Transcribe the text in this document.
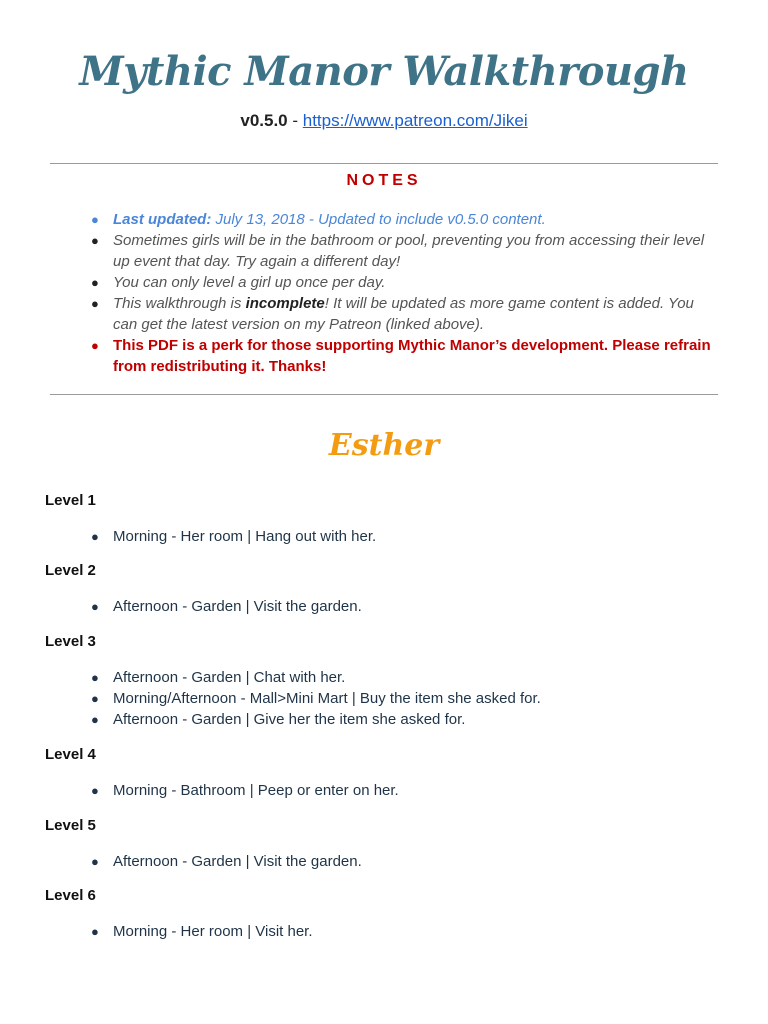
Mythic Manor Walkthrough
v0.5.0 - https://www.patreon.com/Jikei
NOTES
● Last updated: July 13, 2018 - Updated to include v0.5.0 content.
● Sometimes girls will be in the bathroom or pool, preventing you from accessing their level up event that day. Try again a different day!
● You can only level a girl up once per day.
● This walkthrough is incomplete! It will be updated as more game content is added. You can get the latest version on my Patreon (linked above).
● This PDF is a perk for those supporting Mythic Manor’s development. Please refrain from redistributing it. Thanks!
Esther
Level 1
● Morning - Her room | Hang out with her.
Level 2
● Afternoon - Garden | Visit the garden.
Level 3
● Afternoon - Garden | Chat with her.
● Morning/Afternoon - Mall>Mini Mart | Buy the item she asked for.
● Afternoon - Garden | Give her the item she asked for.
Level 4
● Morning - Bathroom | Peep or enter on her.
Level 5
● Afternoon - Garden | Visit the garden.
Level 6
● Morning - Her room | Visit her.
